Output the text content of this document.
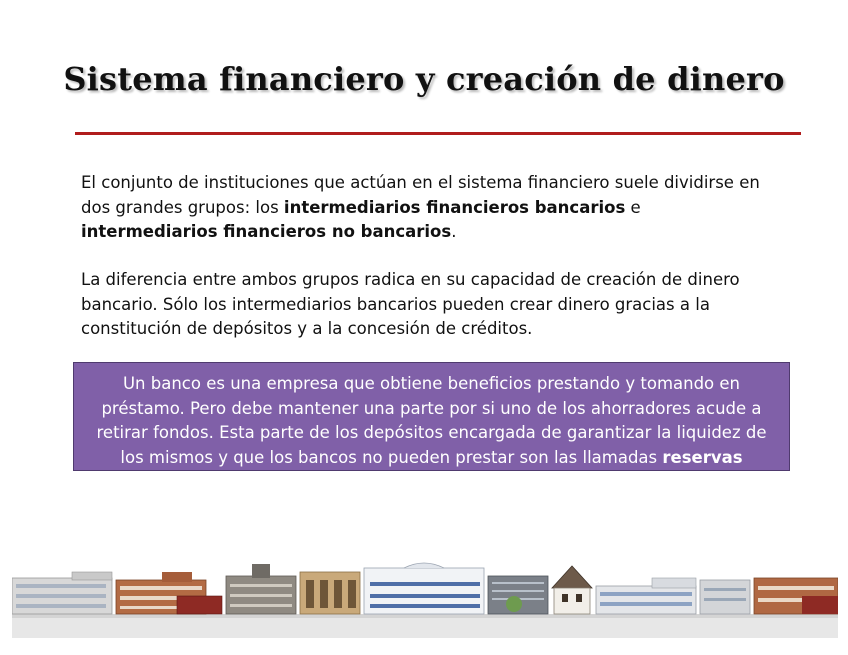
Sistema financiero y creación de dinero

El conjunto de instituciones que actúan en el sistema financiero suele dividirse en dos grandes grupos: los intermediarios financieros bancarios e intermediarios financieros no bancarios.

La diferencia entre ambos grupos radica en su capacidad de creación de dinero bancario. Sólo los intermediarios bancarios pueden crear dinero gracias a la constitución de depósitos y a la concesión de créditos.

Un banco es una empresa que obtiene beneficios prestando y tomando en préstamo. Pero debe mantener una parte por si uno de los ahorradores acude a retirar fondos. Esta parte de los depósitos encargada de garantizar la liquidez de los mismos y que los bancos no pueden prestar son las llamadas reservas bancarias.
